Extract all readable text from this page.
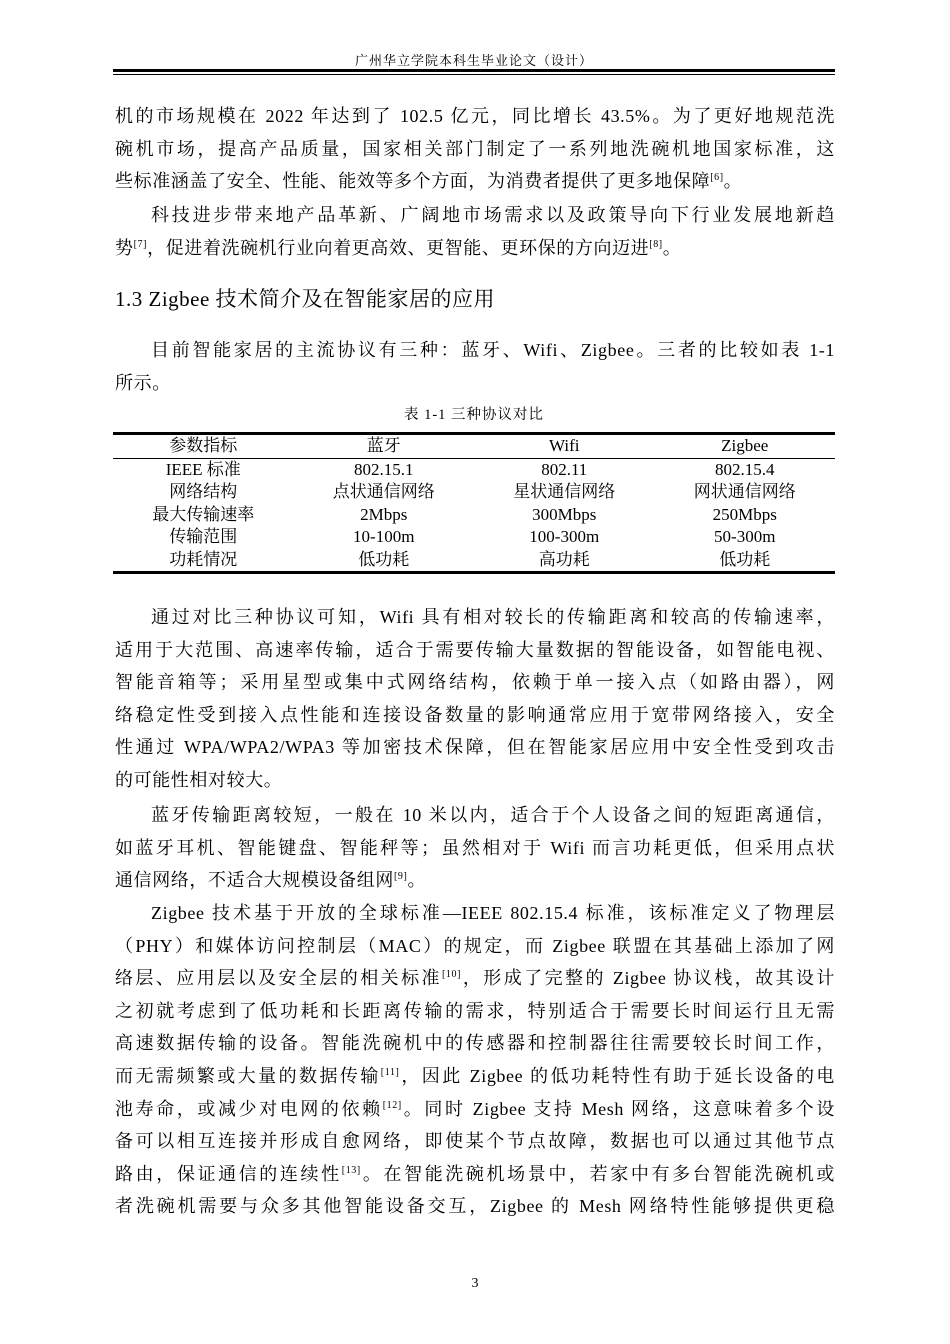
广州华立学院本科生毕业论文（设计）
机的市场规模在 2022 年达到了 102.5 亿元，同比增长 43.5%。为了更好地规范洗
碗机市场，提高产品质量，国家相关部门制定了一系列地洗碗机地国家标准，这
些标准涵盖了安全、性能、能效等多个方面，为消费者提供了更多地保障[6]。
科技进步带来地产品革新、广阔地市场需求以及政策导向下行业发展地新趋
势[7]，促进着洗碗机行业向着更高效、更智能、更环保的方向迈进[8]。
1.3 Zigbee 技术简介及在智能家居的应用
目前智能家居的主流协议有三种：蓝牙、Wifi、Zigbee。三者的比较如表 1-1
所示。
表 1-1 三种协议对比
参数指标	蓝牙	Wifi	Zigbee
IEEE 标准	802.15.1	802.11	802.15.4
网络结构	点状通信网络	星状通信网络	网状通信网络
最大传输速率	2Mbps	300Mbps	250Mbps
传输范围	10-100m	100-300m	50-300m
功耗情况	低功耗	高功耗	低功耗
通过对比三种协议可知，Wifi 具有相对较长的传输距离和较高的传输速率，
适用于大范围、高速率传输，适合于需要传输大量数据的智能设备，如智能电视、
智能音箱等；采用星型或集中式网络结构，依赖于单一接入点（如路由器），网
络稳定性受到接入点性能和连接设备数量的影响通常应用于宽带网络接入，安全
性通过 WPA/WPA2/WPA3 等加密技术保障，但在智能家居应用中安全性受到攻击
的可能性相对较大。
蓝牙传输距离较短，一般在 10 米以内，适合于个人设备之间的短距离通信，
如蓝牙耳机、智能键盘、智能秤等；虽然相对于 Wifi 而言功耗更低，但采用点状
通信网络，不适合大规模设备组网[9]。
Zigbee 技术基于开放的全球标准—IEEE 802.15.4 标准，该标准定义了物理层
（PHY）和媒体访问控制层（MAC）的规定，而 Zigbee 联盟在其基础上添加了网
络层、应用层以及安全层的相关标准[10]，形成了完整的 Zigbee 协议栈，故其设计
之初就考虑到了低功耗和长距离传输的需求，特别适合于需要长时间运行且无需
高速数据传输的设备。智能洗碗机中的传感器和控制器往往需要较长时间工作，
而无需频繁或大量的数据传输[11]，因此 Zigbee 的低功耗特性有助于延长设备的电
池寿命，或减少对电网的依赖[12]。同时 Zigbee 支持 Mesh 网络，这意味着多个设
备可以相互连接并形成自愈网络，即使某个节点故障，数据也可以通过其他节点
路由，保证通信的连续性[13]。在智能洗碗机场景中，若家中有多台智能洗碗机或
者洗碗机需要与众多其他智能设备交互，Zigbee 的 Mesh 网络特性能够提供更稳
3
